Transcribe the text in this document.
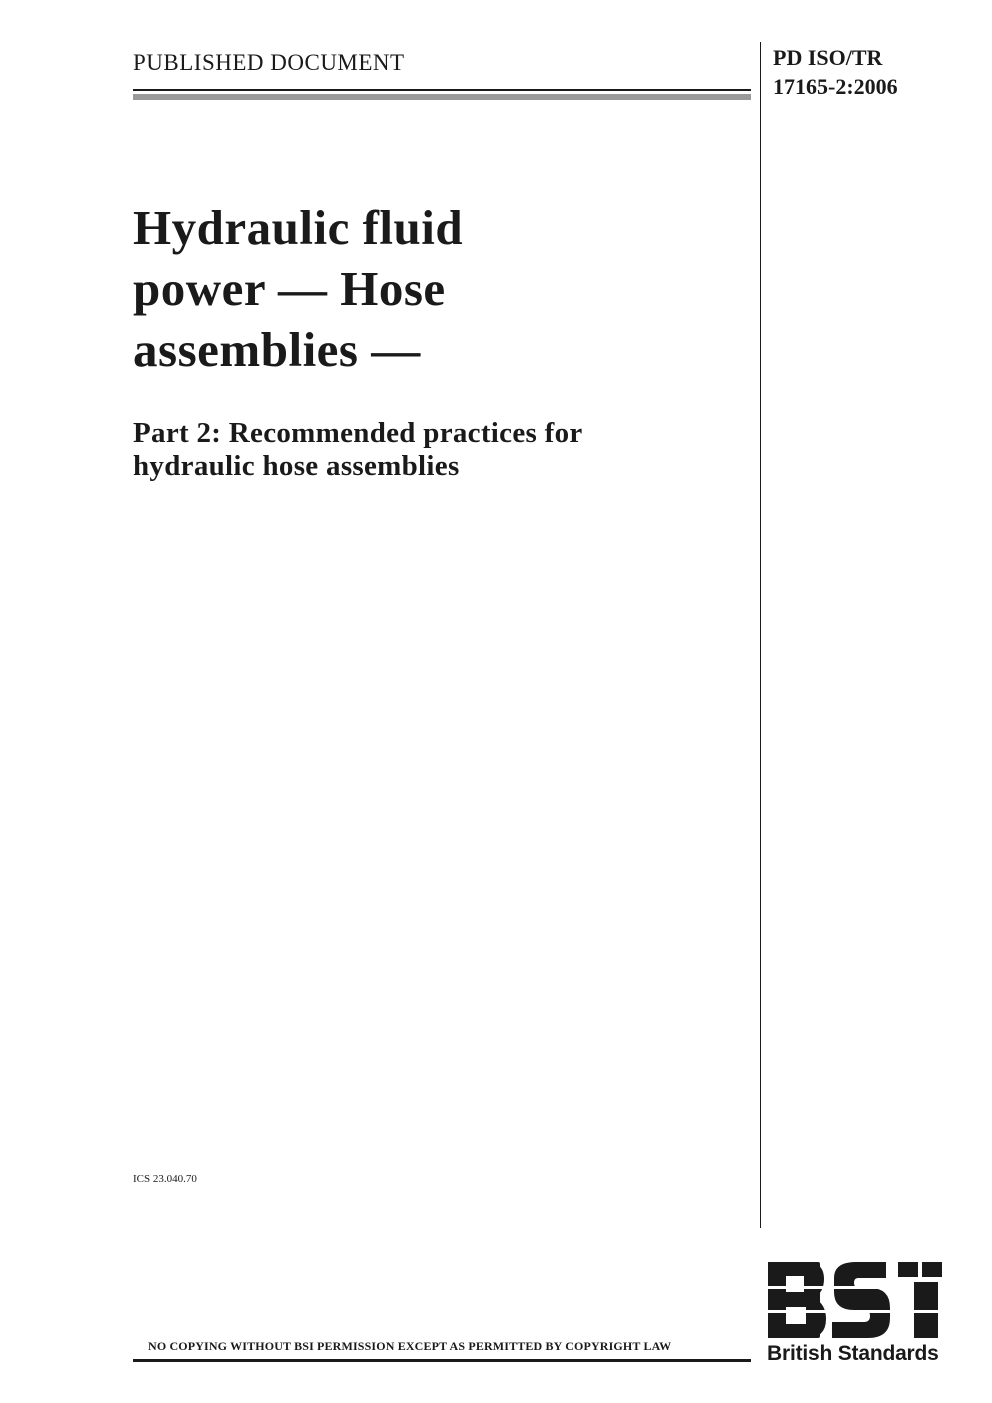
PUBLISHED DOCUMENT	PD ISO/TR
17165-2:2006
Hydraulic fluid
power — Hose
assemblies —
Part 2: Recommended practices for
hydraulic hose assemblies
ICS 23.040.70
NO COPYING WITHOUT BSI PERMISSION EXCEPT AS PERMITTED BY COPYRIGHT LAW	British Standards
